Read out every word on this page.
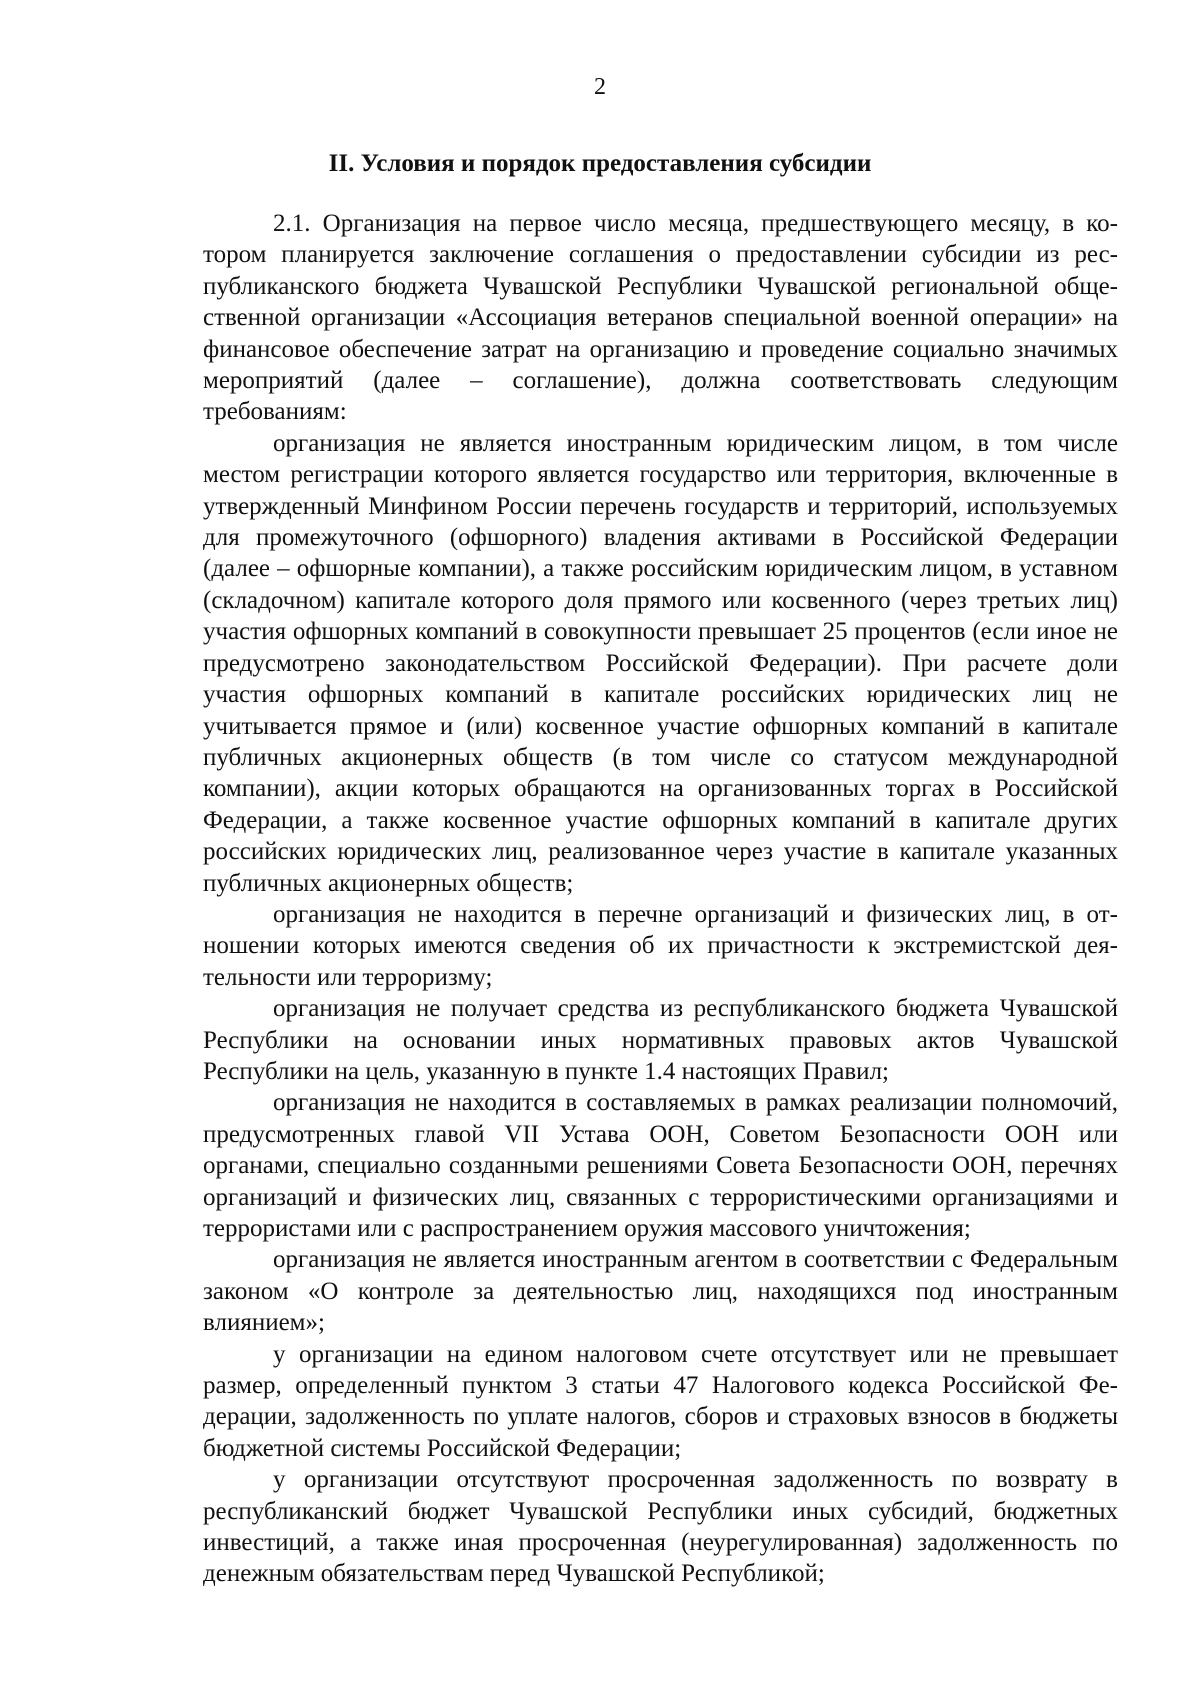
2
II. Условия и порядок предоставления субсидии

2.1. Организация на первое число месяца, предшествующего месяцу, в котором планируется заключение соглашения о предоставлении субсидии из республиканского бюджета Чувашской Республики Чувашской региональной общественной организации «Ассоциация ветеранов специальной военной операции» на финансовое обеспечение затрат на организацию и проведение социально значимых мероприятий (далее – соглашение), должна соответствовать следующим требованиям:

организация не является иностранным юридическим лицом, в том числе местом регистрации которого является государство или территория, включенные в утвержденный Минфином России перечень государств и территорий, используемых для промежуточного (офшорного) владения активами в Российской Федерации (далее – офшорные компании), а также российским юридическим лицом, в уставном (складочном) капитале которого доля прямого или косвенного (через третьих лиц) участия офшорных компаний в совокупности превышает 25 процентов (если иное не предусмотрено законодательством Российской Федерации). При расчете доли участия офшорных компаний в капитале российских юридических лиц не учитывается прямое и (или) косвенное участие офшорных компаний в капитале публичных акционерных обществ (в том числе со статусом международной компании), акции которых обращаются на организованных торгах в Российской Федерации, а также косвенное участие офшорных компаний в капитале других российских юридических лиц, реализованное через участие в капитале указанных публичных акционерных обществ;

организация не находится в перечне организаций и физических лиц, в отношении которых имеются сведения об их причастности к экстремистской деятельности или терроризму;

организация не получает средства из республиканского бюджета Чувашской Республики на основании иных нормативных правовых актов Чувашской Республики на цель, указанную в пункте 1.4 настоящих Правил;

организация не находится в составляемых в рамках реализации полномочий, предусмотренных главой VII Устава ООН, Советом Безопасности ООН или органами, специально созданными решениями Совета Безопасности ООН, перечнях организаций и физических лиц, связанных с террористическими организациями и террористами или с распространением оружия массового уничтожения;

организация не является иностранным агентом в соответствии с Федеральным законом «О контроле за деятельностью лиц, находящихся под иностранным влиянием»;

у организации на едином налоговом счете отсутствует или не превышает размер, определенный пунктом 3 статьи 47 Налогового кодекса Российской Федерации, задолженность по уплате налогов, сборов и страховых взносов в бюджеты бюджетной системы Российской Федерации;

у организации отсутствуют просроченная задолженность по возврату в республиканский бюджет Чувашской Республики иных субсидий, бюджетных инвестиций, а также иная просроченная (неурегулированная) задолженность по денежным обязательствам перед Чувашской Республикой;
